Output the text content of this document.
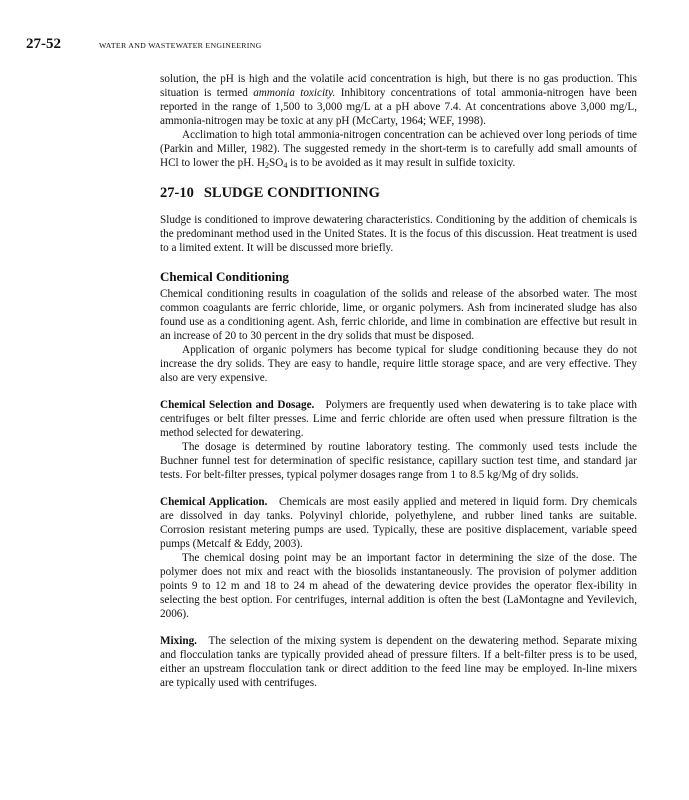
27-52	WATER AND WASTEWATER ENGINEERING

solution, the pH is high and the volatile acid concentration is high, but there is no gas production. This situation is termed ammonia toxicity. Inhibitory concentrations of total ammonia-nitrogen have been reported in the range of 1,500 to 3,000 mg/L at a pH above 7.4. At concentrations above 3,000 mg/L, ammonia-nitrogen may be toxic at any pH (McCarty, 1964; WEF, 1998).

Acclimation to high total ammonia-nitrogen concentration can be achieved over long periods of time (Parkin and Miller, 1982). The suggested remedy in the short-term is to carefully add small amounts of HCl to lower the pH. $H_2SO_4$ is to be avoided as it may result in sulfide toxicity.

27-10 SLUDGE CONDITIONING

Sludge is conditioned to improve dewatering characteristics. Conditioning by the addition of chemicals is the predominant method used in the United States. It is the focus of this discussion. Heat treatment is used to a limited extent. It will be discussed more briefly.

Chemical Conditioning

Chemical conditioning results in coagulation of the solids and release of the absorbed water. The most common coagulants are ferric chloride, lime, or organic polymers. Ash from incinerated sludge has also found use as a conditioning agent. Ash, ferric chloride, and lime in combination are effective but result in an increase of 20 to 30 percent in the dry solids that must be disposed.

Application of organic polymers has become typical for sludge conditioning because they do not increase the dry solids. They are easy to handle, require little storage space, and are very effective. They also are very expensive.

Chemical Selection and Dosage. Polymers are frequently used when dewatering is to take place with centrifuges or belt filter presses. Lime and ferric chloride are often used when pressure filtration is the method selected for dewatering.

The dosage is determined by routine laboratory testing. The commonly used tests include the Buchner funnel test for determination of specific resistance, capillary suction test time, and standard jar tests. For belt-filter presses, typical polymer dosages range from 1 to 8.5 kg/Mg of dry solids.

Chemical Application. Chemicals are most easily applied and metered in liquid form. Dry chemicals are dissolved in day tanks. Polyvinyl chloride, polyethylene, and rubber lined tanks are suitable. Corrosion resistant metering pumps are used. Typically, these are positive displacement, variable speed pumps (Metcalf & Eddy, 2003).

The chemical dosing point may be an important factor in determining the size of the dose. The polymer does not mix and react with the biosolids instantaneously. The provision of polymer addition points 9 to 12 m and 18 to 24 m ahead of the dewatering device provides the operator flex-ibility in selecting the best option. For centrifuges, internal addition is often the best (LaMontagne and Yevilevich, 2006).

Mixing. The selection of the mixing system is dependent on the dewatering method. Separate mixing and flocculation tanks are typically provided ahead of pressure filters. If a belt-filter press is to be used, either an upstream flocculation tank or direct addition to the feed line may be employed. In-line mixers are typically used with centrifuges.
